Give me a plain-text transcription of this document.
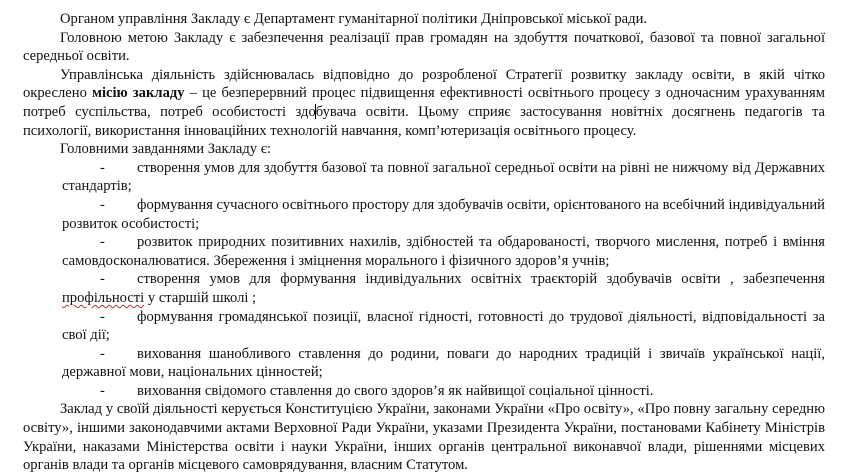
Органом управління Закладу є Департамент гуманітарної політики Дніпровської міської ради.

Головною метою Закладу є забезпечення реалізації прав громадян на здобуття початкової, базової та повної загальної середньої освіти.

Управлінська діяльність здійснювалась відповідно до розробленої Стратегії розвитку закладу освіти, в якій чітко окреслено місію закладу – це безперервний процес підвищення ефективності освітнього процесу з одночасним урахуванням потреб суспільства, потреб особистості здобувача освіти. Цьому сприяє застосування новітніх досягнень педагогів та психології, використання інноваційних технологій навчання, комп’ютеризація освітнього процесу.

Головними завданнями Закладу є:

- створення умов для здобуття базової та повної загальної середньої освіти на рівні не нижчому від Державних стандартів;

- формування сучасного освітнього простору для здобувачів освіти, орієнтованого на всебічний індивідуальний розвиток особистості;

- розвиток природних позитивних нахилів, здібностей та обдарованості, творчого мислення, потреб і вміння самовдосконалюватися. Збереження і зміцнення морального і фізичного здоров’я учнів;

- створення умов для формування індивідуальних освітніх траєкторій здобувачів освіти , забезпечення профільності у старшій школі ;

- формування громадянської позиції, власної гідності, готовності до трудової діяльності, відповідальності за свої дії;

- виховання шанобливого ставлення до родини, поваги до народних традицій і звичаїв української нації, державної мови, національних цінностей;

- виховання свідомого ставлення до свого здоров’я як найвищої соціальної цінності.

Заклад у своїй діяльності керується Конституцією України, законами України «Про освіту», «Про повну загальну середню освіту», іншими законодавчими актами Верховної Ради України, указами Президента України, постановами Кабінету Міністрів України, наказами Міністерства освіти і науки України, інших органів центральної виконавчої влади, рішеннями місцевих органів влади та органів місцевого самоврядування, власним Статутом.
